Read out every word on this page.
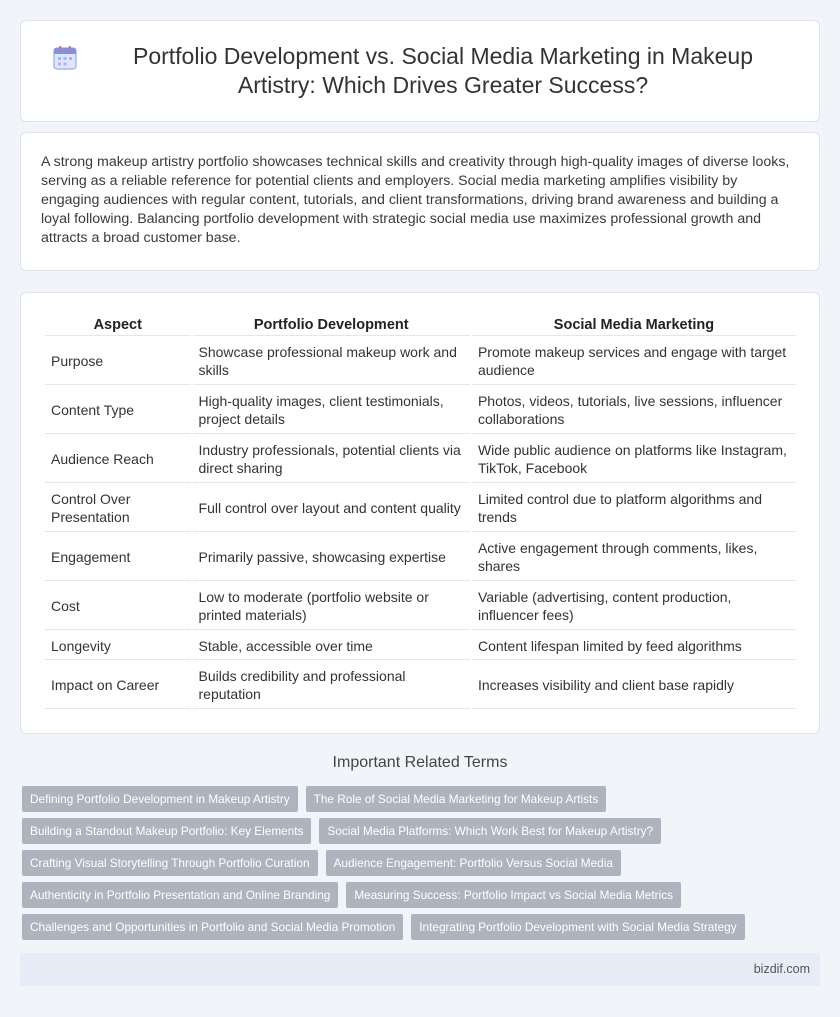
Portfolio Development vs. Social Media Marketing in Makeup Artistry: Which Drives Greater Success?

A strong makeup artistry portfolio showcases technical skills and creativity through high-quality images of diverse looks, serving as a reliable reference for potential clients and employers. Social media marketing amplifies visibility by engaging audiences with regular content, tutorials, and client transformations, driving brand awareness and building a loyal following. Balancing portfolio development with strategic social media use maximizes professional growth and attracts a broad customer base.

Aspect	Portfolio Development	Social Media Marketing
Purpose	Showcase professional makeup work and skills	Promote makeup services and engage with target audience
Content Type	High-quality images, client testimonials, project details	Photos, videos, tutorials, live sessions, influencer collaborations
Audience Reach	Industry professionals, potential clients via direct sharing	Wide public audience on platforms like Instagram, TikTok, Facebook
Control Over Presentation	Full control over layout and content quality	Limited control due to platform algorithms and trends
Engagement	Primarily passive, showcasing expertise	Active engagement through comments, likes, shares
Cost	Low to moderate (portfolio website or printed materials)	Variable (advertising, content production, influencer fees)
Longevity	Stable, accessible over time	Content lifespan limited by feed algorithms
Impact on Career	Builds credibility and professional reputation	Increases visibility and client base rapidly
Important Related Terms
Defining Portfolio Development in Makeup Artistry	The Role of Social Media Marketing for Makeup Artists
Building a Standout Makeup Portfolio: Key Elements	Social Media Platforms: Which Work Best for Makeup Artistry?
Crafting Visual Storytelling Through Portfolio Curation	Audience Engagement: Portfolio Versus Social Media
Authenticity in Portfolio Presentation and Online Branding	Measuring Success: Portfolio Impact vs Social Media Metrics
Challenges and Opportunities in Portfolio and Social Media Promotion	Integrating Portfolio Development with Social Media Strategy
bizdif.com
